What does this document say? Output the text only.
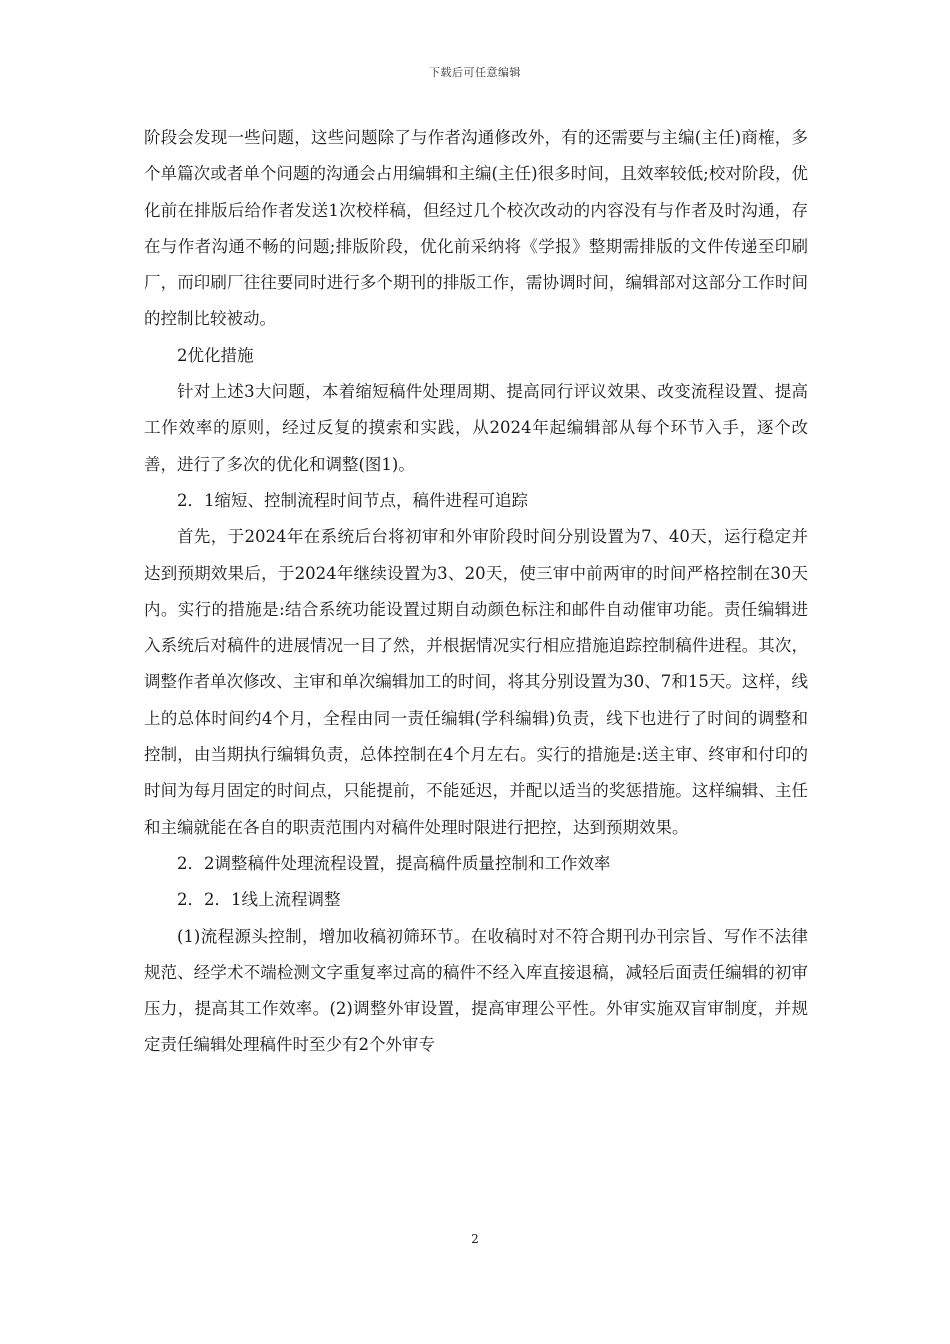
下载后可任意编辑

阶段会发现一些问题，这些问题除了与作者沟通修改外，有的还需要与主编(主任)商榷，多个单篇次或者单个问题的沟通会占用编辑和主编(主任)很多时间，且效率较低;校对阶段，优化前在排版后给作者发送1次校样稿，但经过几个校次改动的内容没有与作者及时沟通，存在与作者沟通不畅的问题;排版阶段，优化前采纳将《学报》整期需排版的文件传递至印刷厂，而印刷厂往往要同时进行多个期刊的排版工作，需协调时间，编辑部对这部分工作时间的控制比较被动。

2优化措施

针对上述3大问题，本着缩短稿件处理周期、提高同行评议效果、改变流程设置、提高工作效率的原则，经过反复的摸索和实践，从2024年起编辑部从每个环节入手，逐个改善，进行了多次的优化和调整(图1)。

2．1缩短、控制流程时间节点，稿件进程可追踪

首先，于2024年在系统后台将初审和外审阶段时间分别设置为7、40天，运行稳定并达到预期效果后，于2024年继续设置为3、20天，使三审中前两审的时间严格控制在30天内。实行的措施是:结合系统功能设置过期自动颜色标注和邮件自动催审功能。责任编辑进入系统后对稿件的进展情况一目了然，并根据情况实行相应措施追踪控制稿件进程。其次，调整作者单次修改、主审和单次编辑加工的时间，将其分别设置为30、7和15天。这样，线上的总体时间约4个月，全程由同一责任编辑(学科编辑)负责，线下也进行了时间的调整和控制，由当期执行编辑负责，总体控制在4个月左右。实行的措施是:送主审、终审和付印的时间为每月固定的时间点，只能提前，不能延迟，并配以适当的奖惩措施。这样编辑、主任和主编就能在各自的职责范围内对稿件处理时限进行把控，达到预期效果。

2．2调整稿件处理流程设置，提高稿件质量控制和工作效率

2．2．1线上流程调整

(1)流程源头控制，增加收稿初筛环节。在收稿时对不符合期刊办刊宗旨、写作不法律规范、经学术不端检测文字重复率过高的稿件不经入库直接退稿，减轻后面责任编辑的初审压力，提高其工作效率。(2)调整外审设置，提高审理公平性。外审实施双盲审制度，并规定责任编辑处理稿件时至少有2个外审专

2
